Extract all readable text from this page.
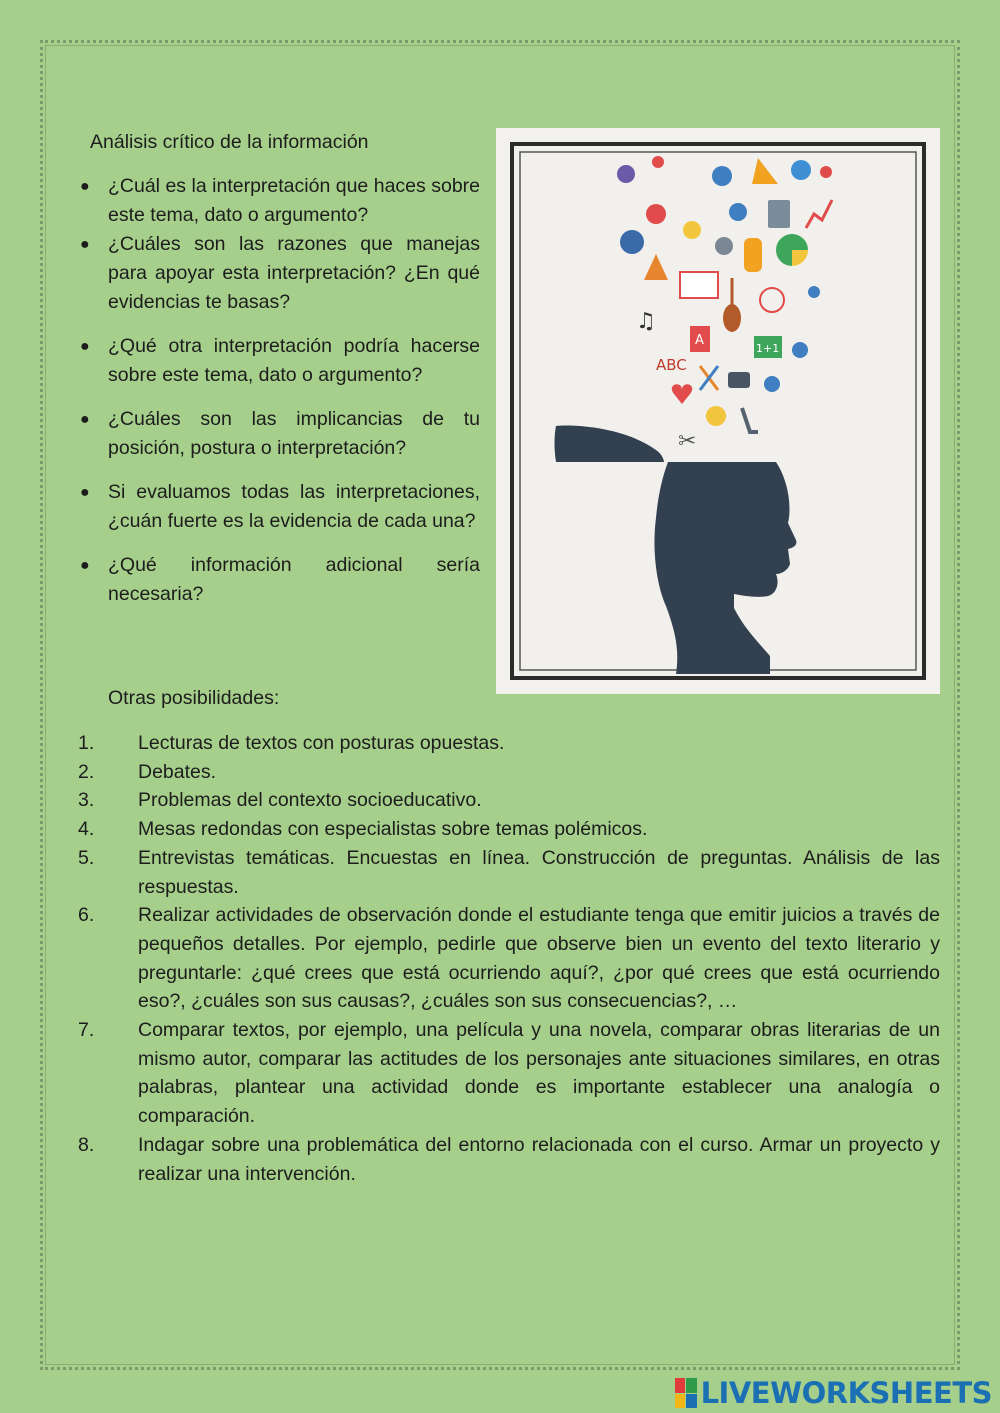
Análisis crítico de la información
● ¿Cuál es la interpretación que haces sobre este tema, dato o argumento?
● ¿Cuáles son las razones que manejas para apoyar esta interpretación? ¿En qué evidencias te basas?
● ¿Qué otra interpretación podría hacerse sobre este tema, dato o argumento?
● ¿Cuáles son las implicancias de tu posición, postura o interpretación?
● Si evaluamos todas las interpretaciones, ¿cuán fuerte es la evidencia de cada una?
● ¿Qué información adicional sería necesaria?
Otras posibilidades:
1. Lecturas de textos con posturas opuestas.
2. Debates.
3. Problemas del contexto socioeducativo.
4. Mesas redondas con especialistas sobre temas polémicos.
5. Entrevistas temáticas. Encuestas en línea. Construcción de preguntas. Análisis de las respuestas.
6. Realizar actividades de observación donde el estudiante tenga que emitir juicios a través de pequeños detalles. Por ejemplo, pedirle que observe bien un evento del texto literario y preguntarle: ¿qué crees que está ocurriendo aquí?, ¿por qué crees que está ocurriendo eso?, ¿cuáles son sus causas?, ¿cuáles son sus consecuencias?, …
7. Comparar textos, por ejemplo, una película y una novela, comparar obras literarias de un mismo autor, comparar las actitudes de los personajes ante situaciones similares, en otras palabras, plantear una actividad donde es importante establecer una analogía o comparación.
8. Indagar sobre una problemática del entorno relacionada con el curso. Armar un proyecto y realizar una intervención.
♫
A
1+1
ABC
✂
LIVEWORKSHEETS
